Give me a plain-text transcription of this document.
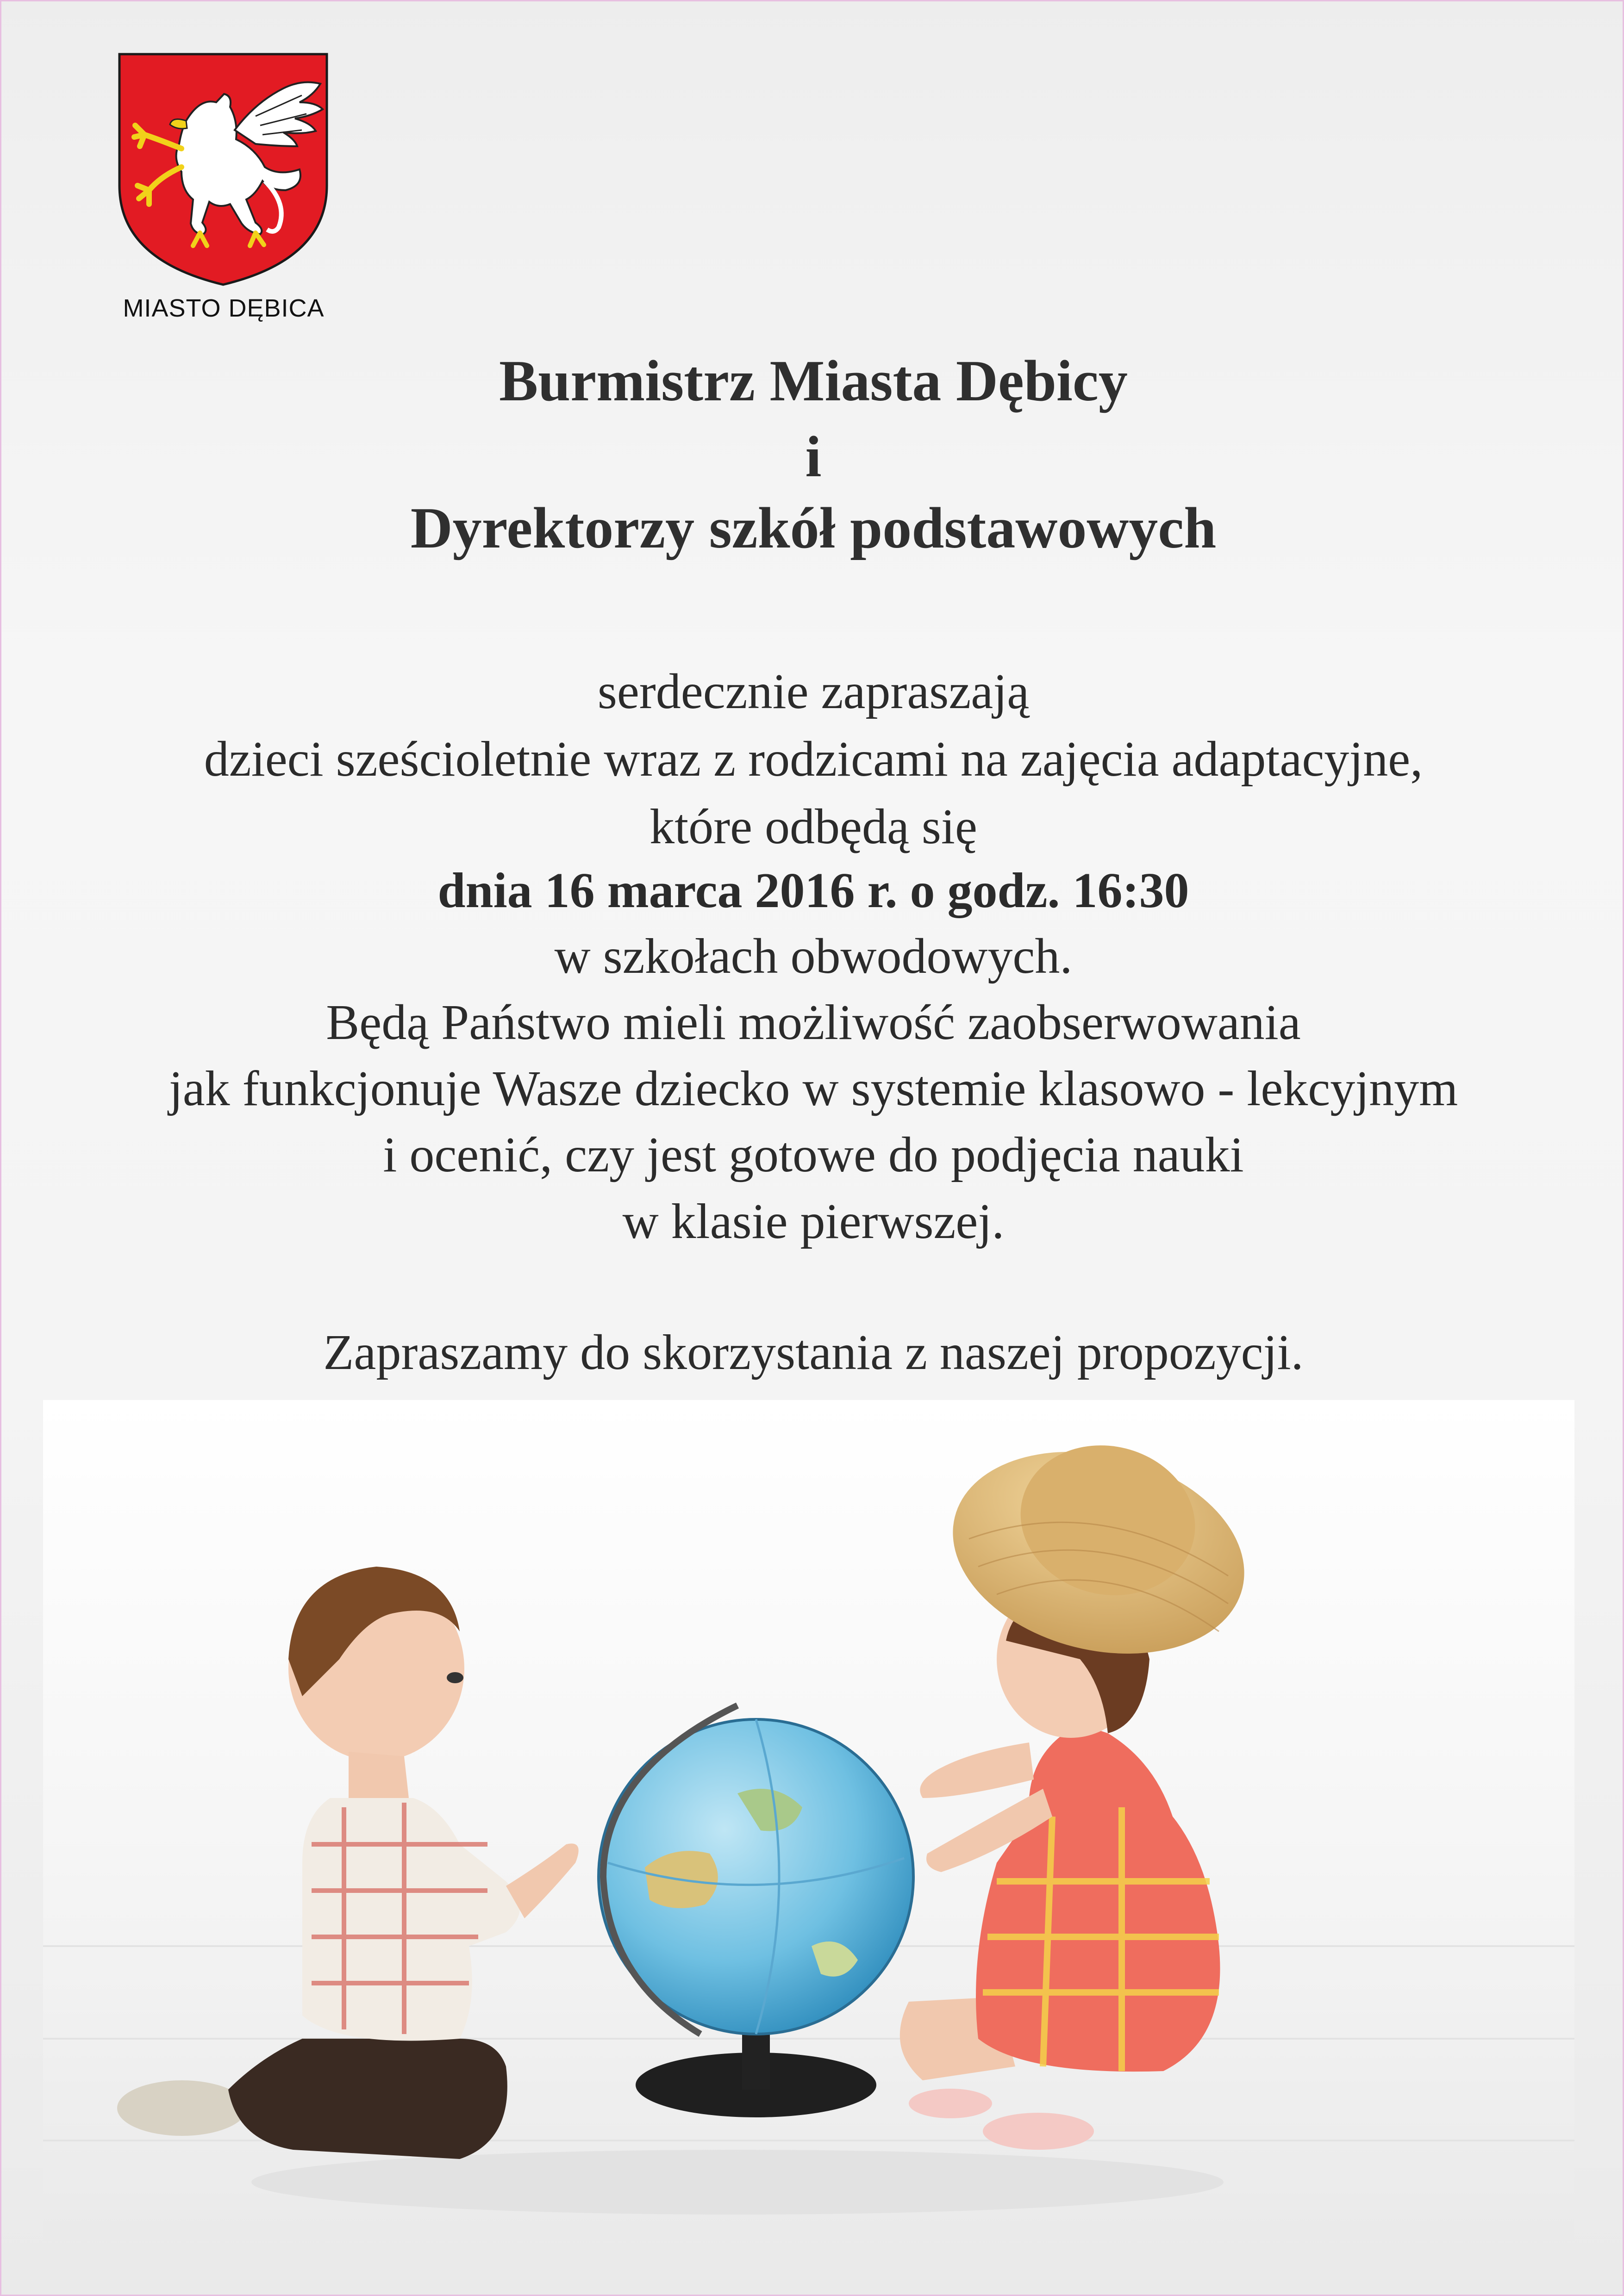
MIASTO DĘBICA
Burmistrz Miasta Dębicy
i
Dyrektorzy szkół podstawowych
serdecznie zapraszają
dzieci sześcioletnie wraz z rodzicami na zajęcia adaptacyjne,
które odbędą się
dnia 16 marca 2016 r. o godz. 16:30
w szkołach obwodowych.
Będą Państwo mieli możliwość zaobserwowania
jak funkcjonuje Wasze dziecko w systemie klasowo - lekcyjnym
i ocenić, czy jest gotowe do podjęcia nauki
w klasie pierwszej.
Zapraszamy do skorzystania z naszej propozycji.
